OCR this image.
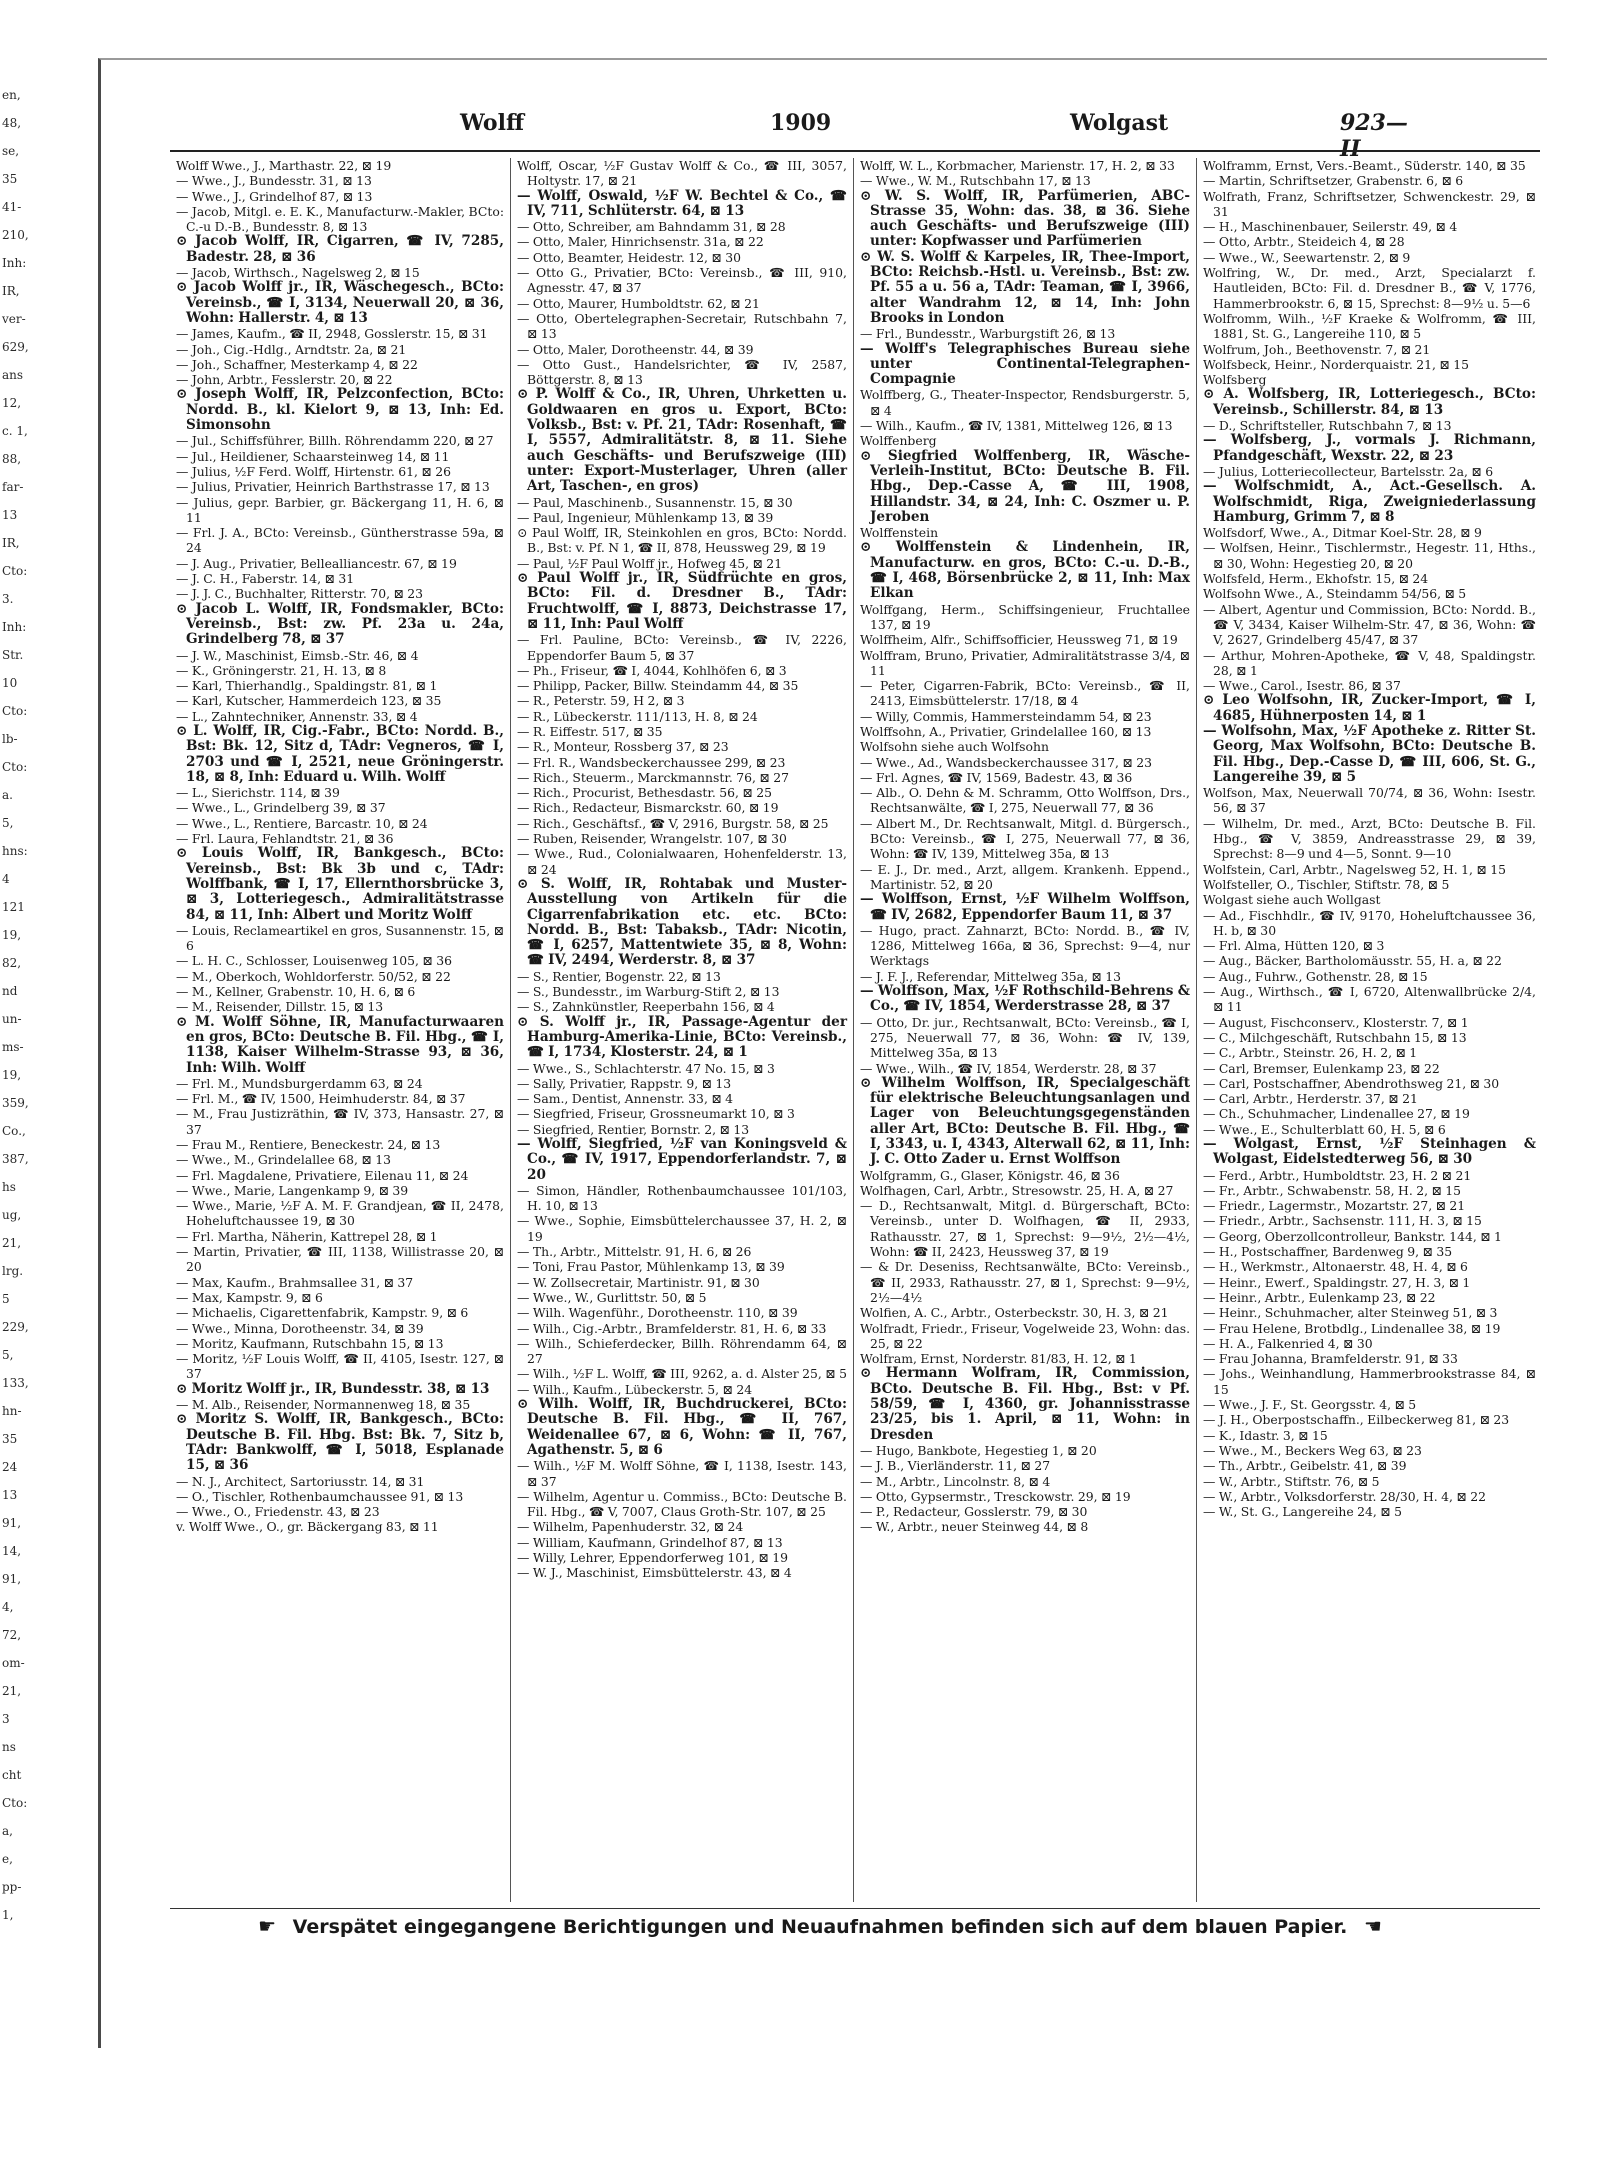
en,
48,
se,
35
41-
210,
Inh:
IR,
ver-
629,
ans
12,
c. 1,
88,
far-
13
IR,
Cto:
3.
Inh:
Str.
10
Cto:
lb-
Cto:
a.
5,
hns:
4
121
19,
82,
nd
un-
ms-
19,
359,
Co.,
387,
hs
ug,
21,
lrg.
5
229,
5,
133,
hn-
35
24
13
91,
14,
91,
4,
72,
om-
21,
3
ns
cht
Cto:
a,
e,
pp-
1,
Wolff	1909	Wolgast	923—II

Wolff Wwe., J., Marthastr. 22, ⊠ 19

— Wwe., J., Bundesstr. 31, ⊠ 13

— Wwe., J., Grindelhof 87, ⊠ 13

— Jacob, Mitgl. e. E. K., Manufacturw.-Makler, BCto: C.-u D.-B., Bundesstr. 8, ⊠ 13

⊙ Jacob Wolff, IR, Cigarren, ☎ IV, 7285, Badestr. 28, ⊠ 36

— Jacob, Wirthsch., Nagelsweg 2, ⊠ 15

⊙ Jacob Wolff jr., IR, Wäschegesch., BCto: Vereinsb., ☎ I, 3134, Neuerwall 20, ⊠ 36, Wohn: Hallerstr. 4, ⊠ 13

— James, Kaufm., ☎ II, 2948, Gosslerstr. 15, ⊠ 31

— Joh., Cig.-Hdlg., Arndtstr. 2a, ⊠ 21

— Joh., Schaffner, Mesterkamp 4, ⊠ 22

— John, Arbtr., Fesslerstr. 20, ⊠ 22

⊙ Joseph Wolff, IR, Pelzconfection, BCto: Nordd. B., kl. Kielort 9, ⊠ 13, Inh: Ed. Simonsohn

— Jul., Schiffsführer, Billh. Röhrendamm 220, ⊠ 27

— Jul., Heildiener, Schaarsteinweg 14, ⊠ 11

— Julius, ½F Ferd. Wolff, Hirtenstr. 61, ⊠ 26

— Julius, Privatier, Heinrich Barthstrasse 17, ⊠ 13

— Julius, gepr. Barbier, gr. Bäckergang 11, H. 6, ⊠ 11

— Frl. J. A., BCto: Vereinsb., Güntherstrasse 59a, ⊠ 24

— J. Aug., Privatier, Bellealliancestr. 67, ⊠ 19

— J. C. H., Faberstr. 14, ⊠ 31

— J. J. C., Buchhalter, Ritterstr. 70, ⊠ 23

⊙ Jacob L. Wolff, IR, Fondsmakler, BCto: Vereinsb., Bst: zw. Pf. 23a u. 24a, Grindelberg 78, ⊠ 37

— J. W., Maschinist, Eimsb.-Str. 46, ⊠ 4

— K., Gröningerstr. 21, H. 13, ⊠ 8

— Karl, Thierhandlg., Spaldingstr. 81, ⊠ 1

— Karl, Kutscher, Hammerdeich 123, ⊠ 35

— L., Zahntechniker, Annenstr. 33, ⊠ 4

⊙ L. Wolff, IR, Cig.-Fabr., BCto: Nordd. B., Bst: Bk. 12, Sitz d, TAdr: Vegneros, ☎ I, 2703 und ☎ I, 2521, neue Gröningerstr. 18, ⊠ 8, Inh: Eduard u. Wilh. Wolff

— L., Sierichstr. 114, ⊠ 39

— Wwe., L., Grindelberg 39, ⊠ 37

— Wwe., L., Rentiere, Barcastr. 10, ⊠ 24

— Frl. Laura, Fehlandtstr. 21, ⊠ 36

⊙ Louis Wolff, IR, Bankgesch., BCto: Vereinsb., Bst: Bk 3b und c, TAdr: Wolffbank, ☎ I, 17, Ellernthorsbrücke 3, ⊠ 3, Lotteriegesch., Admiralitätstrasse 84, ⊠ 11, Inh: Albert und Moritz Wolff

— Louis, Reclameartikel en gros, Susannenstr. 15, ⊠ 6

— L. H. C., Schlosser, Louisenweg 105, ⊠ 36

— M., Oberkoch, Wohldorferstr. 50/52, ⊠ 22

— M., Kellner, Grabenstr. 10, H. 6, ⊠ 6

— M., Reisender, Dillstr. 15, ⊠ 13

⊙ M. Wolff Söhne, IR, Manufacturwaaren en gros, BCto: Deutsche B. Fil. Hbg., ☎ I, 1138, Kaiser Wilhelm-Strasse 93, ⊠ 36, Inh: Wilh. Wolff

— Frl. M., Mundsburgerdamm 63, ⊠ 24

— Frl. M., ☎ IV, 1500, Heimhuderstr. 84, ⊠ 37

— M., Frau Justizräthin, ☎ IV, 373, Hansastr. 27, ⊠ 37

— Frau M., Rentiere, Beneckestr. 24, ⊠ 13

— Wwe., M., Grindelallee 68, ⊠ 13

— Frl. Magdalene, Privatiere, Eilenau 11, ⊠ 24

— Wwe., Marie, Langenkamp 9, ⊠ 39

— Wwe., Marie, ½F A. M. F. Grandjean, ☎ II, 2478, Hoheluftchaussee 19, ⊠ 30

— Frl. Martha, Näherin, Kattrepel 28, ⊠ 1

— Martin, Privatier, ☎ III, 1138, Willistrasse 20, ⊠ 20

— Max, Kaufm., Brahmsallee 31, ⊠ 37

— Max, Kampstr. 9, ⊠ 6

— Michaelis, Cigarettenfabrik, Kampstr. 9, ⊠ 6

— Wwe., Minna, Dorotheenstr. 34, ⊠ 39

— Moritz, Kaufmann, Rutschbahn 15, ⊠ 13

— Moritz, ½F Louis Wolff, ☎ II, 4105, Isestr. 127, ⊠ 37

⊙ Moritz Wolff jr., IR, Bundesstr. 38, ⊠ 13

— M. Alb., Reisender, Normannenweg 18, ⊠ 35

⊙ Moritz S. Wolff, IR, Bankgesch., BCto: Deutsche B. Fil. Hbg. Bst: Bk. 7, Sitz b, TAdr: Bankwolff, ☎ I, 5018, Esplanade 15, ⊠ 36

— N. J., Architect, Sartoriusstr. 14, ⊠ 31

— O., Tischler, Rothenbaumchaussee 91, ⊠ 13

— Wwe., O., Friedenstr. 43, ⊠ 23

v. Wolff Wwe., O., gr. Bäckergang 83, ⊠ 11

Wolff, Oscar, ½F Gustav Wolff & Co., ☎ III, 3057, Holtystr. 17, ⊠ 21

— Wolff, Oswald, ½F W. Bechtel & Co., ☎ IV, 711, Schlüterstr. 64, ⊠ 13

— Otto, Schreiber, am Bahndamm 31, ⊠ 28

— Otto, Maler, Hinrichsenstr. 31a, ⊠ 22

— Otto, Beamter, Heidestr. 12, ⊠ 30

— Otto G., Privatier, BCto: Vereinsb., ☎ III, 910, Agnesstr. 47, ⊠ 37

— Otto, Maurer, Humboldtstr. 62, ⊠ 21

— Otto, Obertelegraphen-Secretair, Rutschbahn 7, ⊠ 13

— Otto, Maler, Dorotheenstr. 44, ⊠ 39

— Otto Gust., Handelsrichter, ☎ IV, 2587, Böttgerstr. 8, ⊠ 13

⊙ P. Wolff & Co., IR, Uhren, Uhrketten u. Goldwaaren en gros u. Export, BCto: Volksb., Bst: v. Pf. 21, TAdr: Rosenhaft, ☎ I, 5557, Admiralitätstr. 8, ⊠ 11. Siehe auch Geschäfts- und Berufszweige (III) unter: Export-Musterlager, Uhren (aller Art, Taschen-, en gros)

— Paul, Maschinenb., Susannenstr. 15, ⊠ 30

— Paul, Ingenieur, Mühlenkamp 13, ⊠ 39

⊙ Paul Wolff, IR, Steinkohlen en gros, BCto: Nordd. B., Bst: v. Pf. N 1, ☎ II, 878, Heussweg 29, ⊠ 19

— Paul, ½F Paul Wolff jr., Hofweg 45, ⊠ 21

⊙ Paul Wolff jr., IR, Südfrüchte en gros, BCto: Fil. d. Dresdner B., TAdr: Fruchtwolff, ☎ I, 8873, Deichstrasse 17, ⊠ 11, Inh: Paul Wolff

— Frl. Pauline, BCto: Vereinsb., ☎ IV, 2226, Eppendorfer Baum 5, ⊠ 37

— Ph., Friseur, ☎ I, 4044, Kohlhöfen 6, ⊠ 3

— Philipp, Packer, Billw. Steindamm 44, ⊠ 35

— R., Peterstr. 59, H 2, ⊠ 3

— R., Lübeckerstr. 111/113, H. 8, ⊠ 24

— R. Eiffestr. 517, ⊠ 35

— R., Monteur, Rossberg 37, ⊠ 23

— Frl. R., Wandsbeckerchaussee 299, ⊠ 23

— Rich., Steuerm., Marckmannstr. 76, ⊠ 27

— Rich., Procurist, Bethesdastr. 56, ⊠ 25

— Rich., Redacteur, Bismarckstr. 60, ⊠ 19

— Rich., Geschäftsf., ☎ V, 2916, Burgstr. 58, ⊠ 25

— Ruben, Reisender, Wrangelstr. 107, ⊠ 30

— Wwe., Rud., Colonialwaaren, Hohenfelderstr. 13, ⊠ 24

⊙ S. Wolff, IR, Rohtabak und Muster-Ausstellung von Artikeln für die Cigarrenfabrikation etc. etc. BCto: Nordd. B., Bst: Tabaksb., TAdr: Nicotin, ☎ I, 6257, Mattentwiete 35, ⊠ 8, Wohn: ☎ IV, 2494, Werderstr. 8, ⊠ 37

— S., Rentier, Bogenstr. 22, ⊠ 13

— S., Bundesstr., im Warburg-Stift 2, ⊠ 13

— S., Zahnkünstler, Reeperbahn 156, ⊠ 4

⊙ S. Wolff jr., IR, Passage-Agentur der Hamburg-Amerika-Linie, BCto: Vereinsb., ☎ I, 1734, Klosterstr. 24, ⊠ 1

— Wwe., S., Schlachterstr. 47 No. 15, ⊠ 3

— Sally, Privatier, Rappstr. 9, ⊠ 13

— Sam., Dentist, Annenstr. 33, ⊠ 4

— Siegfried, Friseur, Grossneumarkt 10, ⊠ 3

— Siegfried, Rentier, Bornstr. 2, ⊠ 13

— Wolff, Siegfried, ½F van Koningsveld & Co., ☎ IV, 1917, Eppendorferlandstr. 7, ⊠ 20

— Simon, Händler, Rothenbaumchaussee 101/103, H. 10, ⊠ 13

— Wwe., Sophie, Eimsbüttelerchaussee 37, H. 2, ⊠ 19

— Th., Arbtr., Mittelstr. 91, H. 6, ⊠ 26

— Toni, Frau Pastor, Mühlenkamp 13, ⊠ 39

— W. Zollsecretair, Martinistr. 91, ⊠ 30

— Wwe., W., Gurlittstr. 50, ⊠ 5

— Wilh. Wagenführ., Dorotheenstr. 110, ⊠ 39

— Wilh., Cig.-Arbtr., Bramfelderstr. 81, H. 6, ⊠ 33

— Wilh., Schieferdecker, Billh. Röhrendamm 64, ⊠ 27

— Wilh., ½F L. Wolff, ☎ III, 9262, a. d. Alster 25, ⊠ 5

— Wilh., Kaufm., Lübeckerstr. 5, ⊠ 24

⊙ Wilh. Wolff, IR, Buchdruckerei, BCto: Deutsche B. Fil. Hbg., ☎ II, 767, Weidenallee 67, ⊠ 6, Wohn: ☎ II, 767, Agathenstr. 5, ⊠ 6

— Wilh., ½F M. Wolff Söhne, ☎ I, 1138, Isestr. 143, ⊠ 37

— Wilhelm, Agentur u. Commiss., BCto: Deutsche B. Fil. Hbg., ☎ V, 7007, Claus Groth-Str. 107, ⊠ 25

— Wilhelm, Papenhuderstr. 32, ⊠ 24

— William, Kaufmann, Grindelhof 87, ⊠ 13

— Willy, Lehrer, Eppendorferweg 101, ⊠ 19

— W. J., Maschinist, Eimsbüttelerstr. 43, ⊠ 4

Wolff, W. L., Korbmacher, Marienstr. 17, H. 2, ⊠ 33

— Wwe., W. M., Rutschbahn 17, ⊠ 13

⊙ W. S. Wolff, IR, Parfümerien, ABC-Strasse 35, Wohn: das. 38, ⊠ 36. Siehe auch Geschäfts- und Berufszweige (III) unter: Kopfwasser und Parfümerien

⊙ W. S. Wolff & Karpeles, IR, Thee-Import, BCto: Reichsb.-Hstl. u. Vereinsb., Bst: zw. Pf. 55 a u. 56 a, TAdr: Teaman, ☎ I, 3966, alter Wandrahm 12, ⊠ 14, Inh: John Brooks in London

— Frl., Bundesstr., Warburgstift 26, ⊠ 13

— Wolff's Telegraphisches Bureau siehe unter Continental-Telegraphen-Compagnie

Wolffberg, G., Theater-Inspector, Rendsburgerstr. 5, ⊠ 4

— Wilh., Kaufm., ☎ IV, 1381, Mittelweg 126, ⊠ 13

Wolffenberg

⊙ Siegfried Wolffenberg, IR, Wäsche-Verleih-Institut, BCto: Deutsche B. Fil. Hbg., Dep.-Casse A, ☎ III, 1908, Hillandstr. 34, ⊠ 24, Inh: C. Oszmer u. P. Jeroben

Wolffenstein

⊙ Wolffenstein & Lindenhein, IR, Manufacturw. en gros, BCto: C.-u. D.-B., ☎ I, 468, Börsenbrücke 2, ⊠ 11, Inh: Max Elkan

Wolffgang, Herm., Schiffsingenieur, Fruchtallee 137, ⊠ 19

Wolffheim, Alfr., Schiffsofficier, Heussweg 71, ⊠ 19

Wolffram, Bruno, Privatier, Admiralitätstrasse 3/4, ⊠ 11

— Peter, Cigarren-Fabrik, BCto: Vereinsb., ☎ II, 2413, Eimsbüttelerstr. 17/18, ⊠ 4

— Willy, Commis, Hammersteindamm 54, ⊠ 23

Wolffsohn, A., Privatier, Grindelallee 160, ⊠ 13

Wolfsohn siehe auch Wolfsohn

— Wwe., Ad., Wandsbeckerchaussee 317, ⊠ 23

— Frl. Agnes, ☎ IV, 1569, Badestr. 43, ⊠ 36

— Alb., O. Dehn & M. Schramm, Otto Wolffson, Drs., Rechtsanwälte, ☎ I, 275, Neuerwall 77, ⊠ 36

— Albert M., Dr. Rechtsanwalt, Mitgl. d. Bürgersch., BCto: Vereinsb., ☎ I, 275, Neuerwall 77, ⊠ 36, Wohn: ☎ IV, 139, Mittelweg 35a, ⊠ 13

— E. J., Dr. med., Arzt, allgem. Krankenh. Eppend., Martinistr. 52, ⊠ 20

— Wolffson, Ernst, ½F Wilhelm Wolffson, ☎ IV, 2682, Eppendorfer Baum 11, ⊠ 37

— Hugo, pract. Zahnarzt, BCto: Nordd. B., ☎ IV, 1286, Mittelweg 166a, ⊠ 36, Sprechst: 9—4, nur Werktags

— J. F. J., Referendar, Mittelweg 35a, ⊠ 13

— Wolffson, Max, ½F Rothschild-Behrens & Co., ☎ IV, 1854, Werderstrasse 28, ⊠ 37

— Otto, Dr. jur., Rechtsanwalt, BCto: Vereinsb., ☎ I, 275, Neuerwall 77, ⊠ 36, Wohn: ☎ IV, 139, Mittelweg 35a, ⊠ 13

— Wwe., Wilh., ☎ IV, 1854, Werderstr. 28, ⊠ 37

⊙ Wilhelm Wolffson, IR, Specialgeschäft für elektrische Beleuchtungsanlagen und Lager von Beleuchtungsgegenständen aller Art, BCto: Deutsche B. Fil. Hbg., ☎ I, 3343, u. I, 4343, Alterwall 62, ⊠ 11, Inh: J. C. Otto Zader u. Ernst Wolffson

Wolfgramm, G., Glaser, Königstr. 46, ⊠ 36

Wolfhagen, Carl, Arbtr., Stresowstr. 25, H. A, ⊠ 27

— D., Rechtsanwalt, Mitgl. d. Bürgerschaft, BCto: Vereinsb., unter D. Wolfhagen, ☎ II, 2933, Rathausstr. 27, ⊠ 1, Sprechst: 9—9½, 2½—4½, Wohn: ☎ II, 2423, Heussweg 37, ⊠ 19

— & Dr. Deseniss, Rechtsanwälte, BCto: Vereinsb., ☎ II, 2933, Rathausstr. 27, ⊠ 1, Sprechst: 9—9½, 2½—4½

Wolfien, A. C., Arbtr., Osterbeckstr. 30, H. 3, ⊠ 21

Wolfradt, Friedr., Friseur, Vogelweide 23, Wohn: das. 25, ⊠ 22

Wolfram, Ernst, Norderstr. 81/83, H. 12, ⊠ 1

⊙ Hermann Wolfram, IR, Commission, BCto. Deutsche B. Fil. Hbg., Bst: v Pf. 58/59, ☎ I, 4360, gr. Johannisstrasse 23/25, bis 1. April, ⊠ 11, Wohn: in Dresden

— Hugo, Bankbote, Hegestieg 1, ⊠ 20

— J. B., Vierländerstr. 11, ⊠ 27

— M., Arbtr., Lincolnstr. 8, ⊠ 4

— Otto, Gypsermstr., Tresckowstr. 29, ⊠ 19

— P., Redacteur, Gosslerstr. 79, ⊠ 30

— W., Arbtr., neuer Steinweg 44, ⊠ 8

Wolframm, Ernst, Vers.-Beamt., Süderstr. 140, ⊠ 35

— Martin, Schriftsetzer, Grabenstr. 6, ⊠ 6

Wolfrath, Franz, Schriftsetzer, Schwenckestr. 29, ⊠ 31

— H., Maschinenbauer, Seilerstr. 49, ⊠ 4

— Otto, Arbtr., Steideich 4, ⊠ 28

— Wwe., W., Seewartenstr. 2, ⊠ 9

Wolfring, W., Dr. med., Arzt, Specialarzt f. Hautleiden, BCto: Fil. d. Dresdner B., ☎ V, 1776, Hammerbrookstr. 6, ⊠ 15, Sprechst: 8—9½ u. 5—6

Wolfromm, Wilh., ½F Kraeke & Wolfromm, ☎ III, 1881, St. G., Langereihe 110, ⊠ 5

Wolfrum, Joh., Beethovenstr. 7, ⊠ 21

Wolfsbeck, Heinr., Norderquaistr. 21, ⊠ 15

Wolfsberg

⊙ A. Wolfsberg, IR, Lotteriegesch., BCto: Vereinsb., Schillerstr. 84, ⊠ 13

— D., Schriftsteller, Rutschbahn 7, ⊠ 13

— Wolfsberg, J., vormals J. Richmann, Pfandgeschäft, Wexstr. 22, ⊠ 23

— Julius, Lotteriecollecteur, Bartelsstr. 2a, ⊠ 6

— Wolfschmidt, A., Act.-Gesellsch. A. Wolfschmidt, Riga, Zweigniederlassung Hamburg, Grimm 7, ⊠ 8

Wolfsdorf, Wwe., A., Ditmar Koel-Str. 28, ⊠ 9

— Wolfsen, Heinr., Tischlermstr., Hegestr. 11, Hths., ⊠ 30, Wohn: Hegestieg 20, ⊠ 20

Wolfsfeld, Herm., Ekhofstr. 15, ⊠ 24

Wolfsohn Wwe., A., Steindamm 54/56, ⊠ 5

— Albert, Agentur und Commission, BCto: Nordd. B., ☎ V, 3434, Kaiser Wilhelm-Str. 47, ⊠ 36, Wohn: ☎ V, 2627, Grindelberg 45/47, ⊠ 37

— Arthur, Mohren-Apotheke, ☎ V, 48, Spaldingstr. 28, ⊠ 1

— Wwe., Carol., Isestr. 86, ⊠ 37

⊙ Leo Wolfsohn, IR, Zucker-Import, ☎ I, 4685, Hühnerposten 14, ⊠ 1

— Wolfsohn, Max, ½F Apotheke z. Ritter St. Georg, Max Wolfsohn, BCto: Deutsche B. Fil. Hbg., Dep.-Casse D, ☎ III, 606, St. G., Langereihe 39, ⊠ 5

Wolfson, Max, Neuerwall 70/74, ⊠ 36, Wohn: Isestr. 56, ⊠ 37

— Wilhelm, Dr. med., Arzt, BCto: Deutsche B. Fil. Hbg., ☎ V, 3859, Andreasstrasse 29, ⊠ 39, Sprechst: 8—9 und 4—5, Sonnt. 9—10

Wolfstein, Carl, Arbtr., Nagelsweg 52, H. 1, ⊠ 15

Wolfsteller, O., Tischler, Stiftstr. 78, ⊠ 5

Wolgast siehe auch Wollgast

— Ad., Fischhdlr., ☎ IV, 9170, Hoheluftchaussee 36, H. b, ⊠ 30

— Frl. Alma, Hütten 120, ⊠ 3

— Aug., Bäcker, Bartholomäusstr. 55, H. a, ⊠ 22

— Aug., Fuhrw., Gothenstr. 28, ⊠ 15

— Aug., Wirthsch., ☎ I, 6720, Altenwallbrücke 2/4, ⊠ 11

— August, Fischconserv., Klosterstr. 7, ⊠ 1

— C., Milchgeschäft, Rutschbahn 15, ⊠ 13

— C., Arbtr., Steinstr. 26, H. 2, ⊠ 1

— Carl, Bremser, Eulenkamp 23, ⊠ 22

— Carl, Postschaffner, Abendrothsweg 21, ⊠ 30

— Carl, Arbtr., Herderstr. 37, ⊠ 21

— Ch., Schuhmacher, Lindenallee 27, ⊠ 19

— Wwe., E., Schulterblatt 60, H. 5, ⊠ 6

— Wolgast, Ernst, ½F Steinhagen & Wolgast, Eidelstedterweg 56, ⊠ 30

— Ferd., Arbtr., Humboldtstr. 23, H. 2 ⊠ 21

— Fr., Arbtr., Schwabenstr. 58, H. 2, ⊠ 15

— Friedr., Lagermstr., Mozartstr. 27, ⊠ 21

— Friedr., Arbtr., Sachsenstr. 111, H. 3, ⊠ 15

— Georg, Oberzollcontrolleur, Bankstr. 144, ⊠ 1

— H., Postschaffner, Bardenweg 9, ⊠ 35

— H., Werkmstr., Altonaerstr. 48, H. 4, ⊠ 6

— Heinr., Ewerf., Spaldingstr. 27, H. 3, ⊠ 1

— Heinr., Arbtr., Eulenkamp 23, ⊠ 22

— Heinr., Schuhmacher, alter Steinweg 51, ⊠ 3

— Frau Helene, Brotbdlg., Lindenallee 38, ⊠ 19

— H. A., Falkenried 4, ⊠ 30

— Frau Johanna, Bramfelderstr. 91, ⊠ 33

— Johs., Weinhandlung, Hammerbrookstrasse 84, ⊠ 15

— Wwe., J. F., St. Georgsstr. 4, ⊠ 5

— J. H., Oberpostschaffn., Eilbeckerweg 81, ⊠ 23

— K., Idastr. 3, ⊠ 15

— Wwe., M., Beckers Weg 63, ⊠ 23

— Th., Arbtr., Geibelstr. 41, ⊠ 39

— W., Arbtr., Stiftstr. 76, ⊠ 5

— W., Arbtr., Volksdorferstr. 28/30, H. 4, ⊠ 22

— W., St. G., Langereihe 24, ⊠ 5

☛ Verspätet eingegangene Berichtigungen und Neuaufnahmen befinden sich auf dem blauen Papier. ☚
